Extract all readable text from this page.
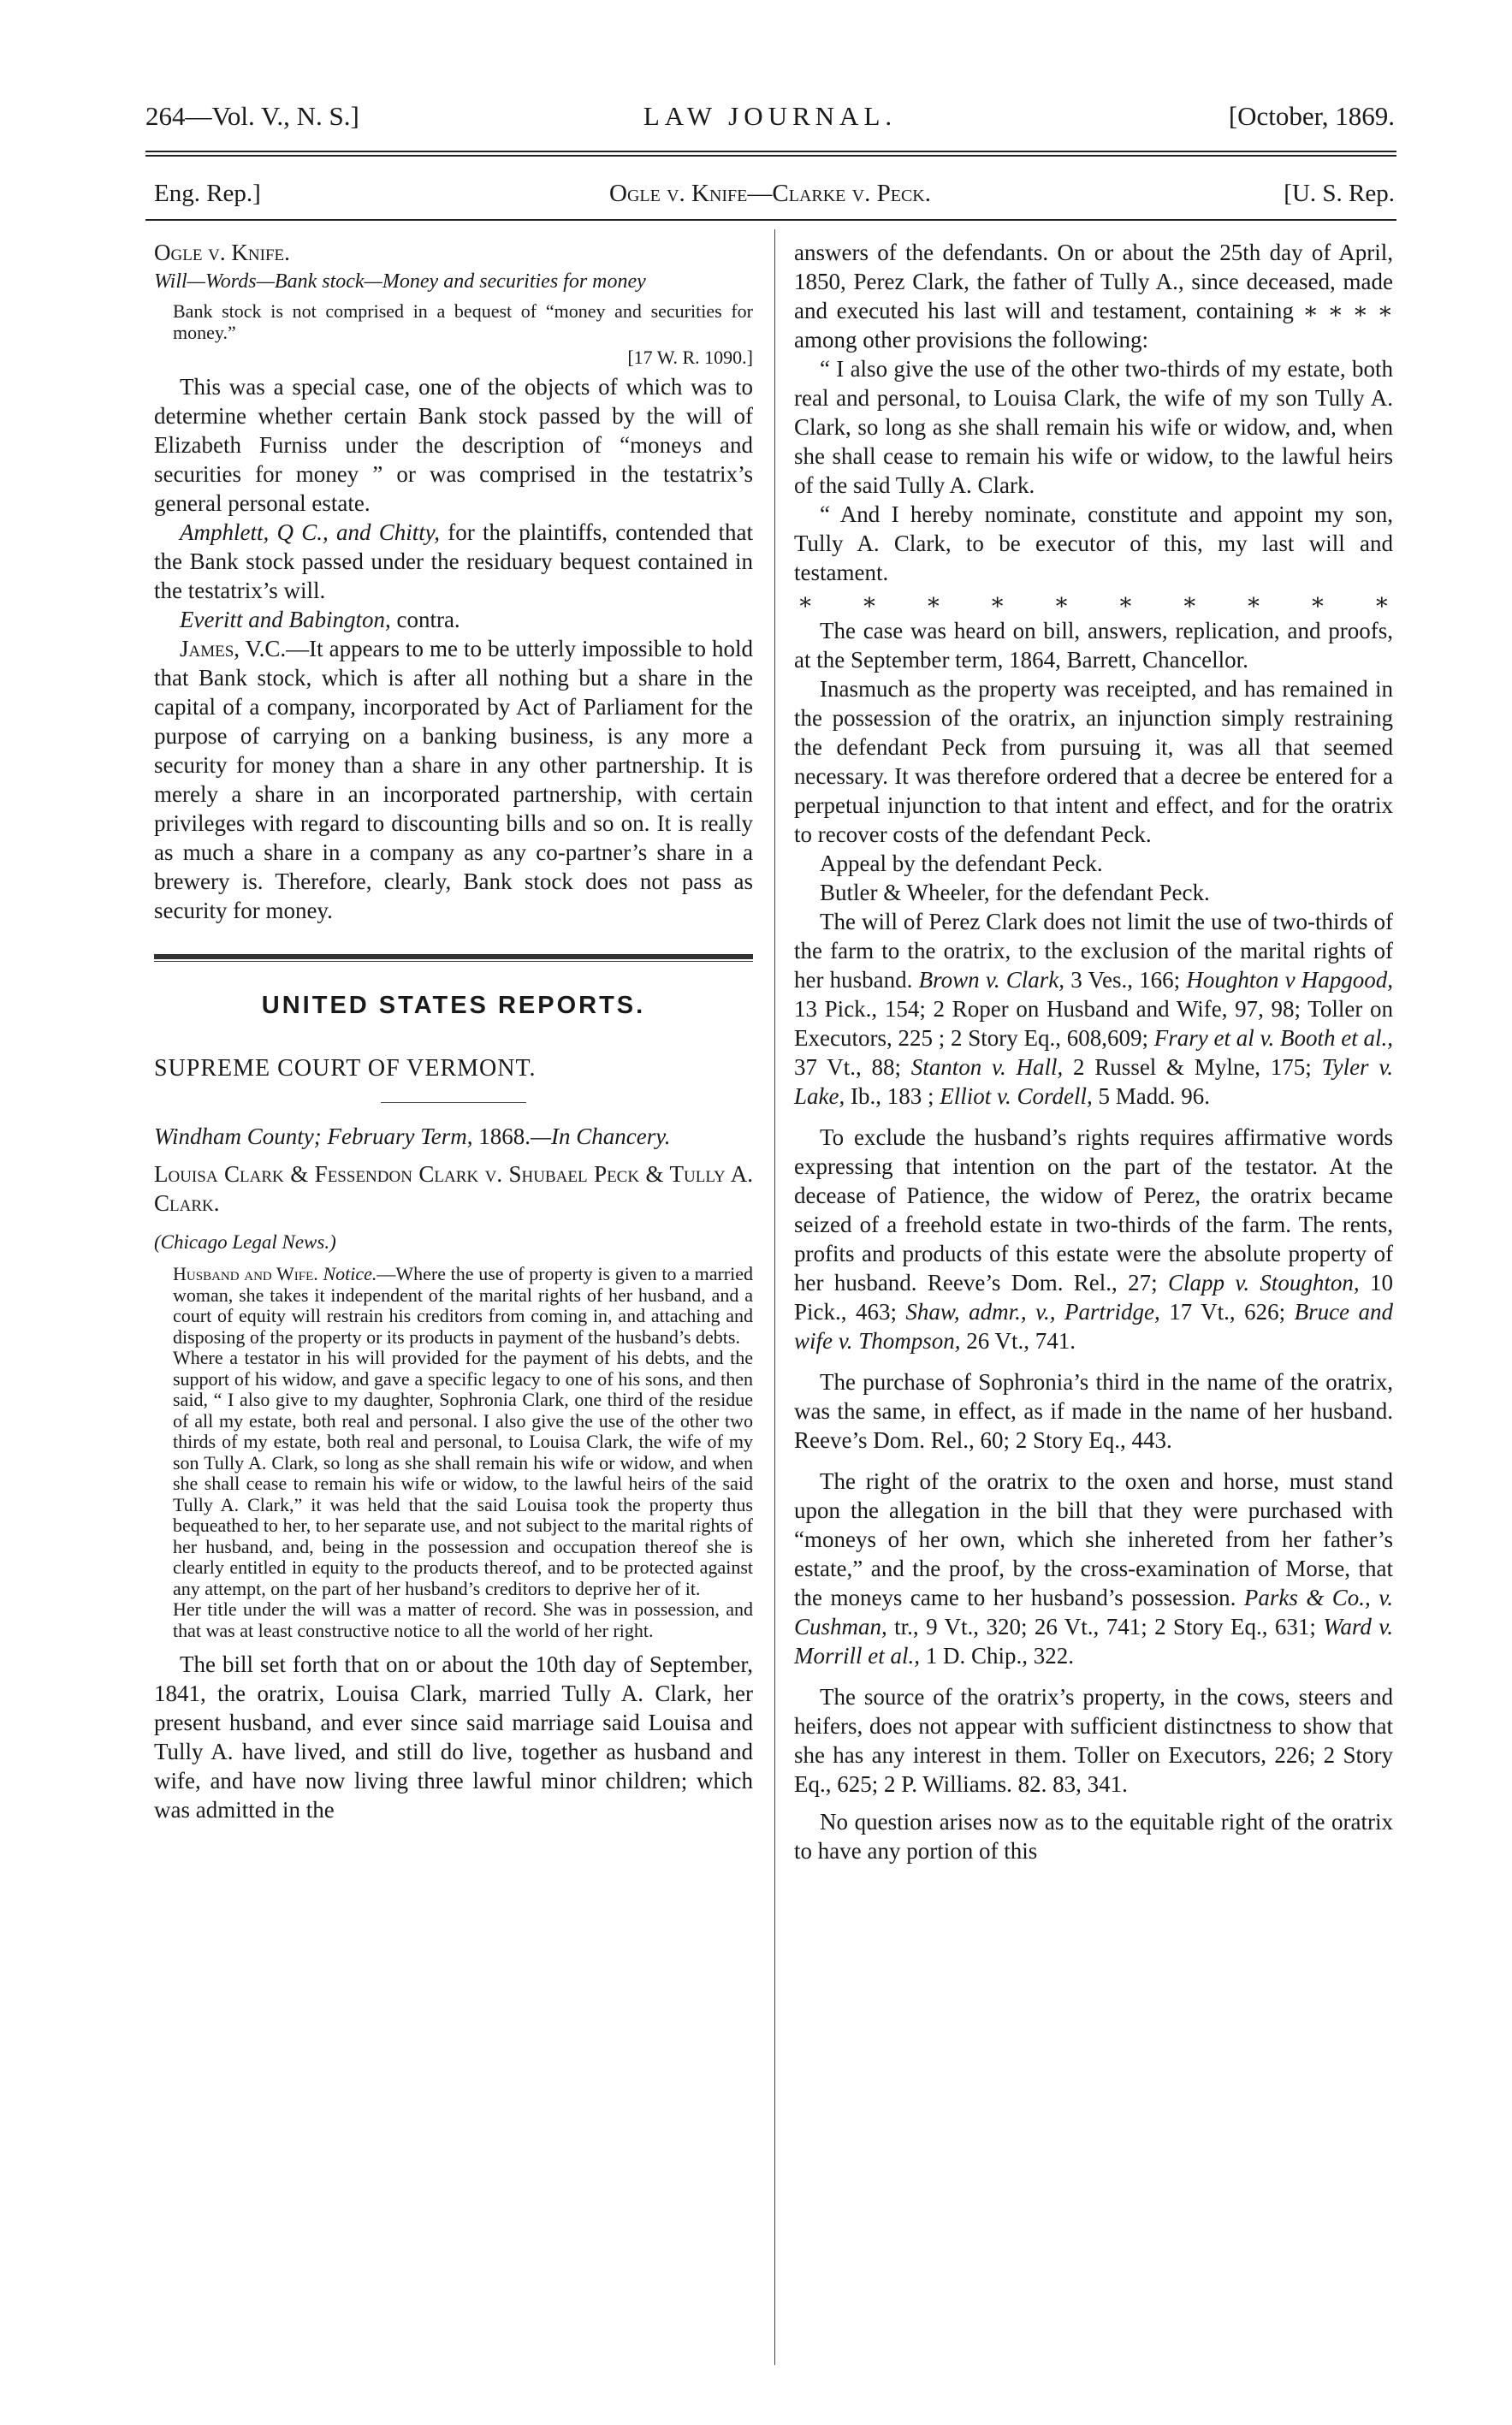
264—Vol. V., N. S.]	LAW JOURNAL.	[October, 1869.
Eng. Rep.]	Ogle v. Knife—Clarke v. Peck.	[U. S. Rep.

Ogle v. Knife.

Will—Words—Bank stock—Money and securities for money

Bank stock is not comprised in a bequest of “money and securities for money.”

[17 W. R. 1090.]

This was a special case, one of the objects of which was to determine whether certain Bank stock passed by the will of Elizabeth Furniss under the description of “moneys and securities for money ” or was comprised in the testatrix’s general personal estate.

Amphlett, Q C., and Chitty, for the plaintiffs, contended that the Bank stock passed under the residuary bequest contained in the testatrix’s will.

Everitt and Babington, contra.

James, V.C.—It appears to me to be utterly impossible to hold that Bank stock, which is after all nothing but a share in the capital of a company, incorporated by Act of Parliament for the purpose of carrying on a banking business, is any more a security for money than a share in any other partnership. It is merely a share in an incorporated partnership, with certain privileges with regard to discounting bills and so on. It is really as much a share in a company as any co-partner’s share in a brewery is. Therefore, clearly, Bank stock does not pass as security for money.

UNITED STATES REPORTS.

SUPREME COURT OF VERMONT.

Windham County; February Term, 1868.—In Chancery.

Louisa Clark & Fessendon Clark v. Shubael Peck & Tully A. Clark.

(Chicago Legal News.)

Husband and Wife. Notice.—Where the use of property is given to a married woman, she takes it independent of the marital rights of her husband, and a court of equity will restrain his creditors from coming in, and attaching and disposing of the property or its products in payment of the husband’s debts.

Where a testator in his will provided for the payment of his debts, and the support of his widow, and gave a specific legacy to one of his sons, and then said, “ I also give to my daughter, Sophronia Clark, one third of the residue of all my estate, both real and personal. I also give the use of the other two thirds of my estate, both real and personal, to Louisa Clark, the wife of my son Tully A. Clark, so long as she shall remain his wife or widow, and when she shall cease to remain his wife or widow, to the lawful heirs of the said Tully A. Clark,” it was held that the said Louisa took the property thus bequeathed to her, to her separate use, and not subject to the marital rights of her husband, and, being in the possession and occupation thereof she is clearly entitled in equity to the products thereof, and to be protected against any attempt, on the part of her husband’s creditors to deprive her of it.

Her title under the will was a matter of record. She was in possession, and that was at least constructive notice to all the world of her right.

The bill set forth that on or about the 10th day of September, 1841, the oratrix, Louisa Clark, married Tully A. Clark, her present husband, and ever since said marriage said Louisa and Tully A. have lived, and still do live, together as husband and wife, and have now living three lawful minor children; which was admitted in the

answers of the defendants. On or about the 25th day of April, 1850, Perez Clark, the father of Tully A., since deceased, made and executed his last will and testament, containing ∗ ∗ ∗ ∗ among other provisions the following:

“ I also give the use of the other two-thirds of my estate, both real and personal, to Louisa Clark, the wife of my son Tully A. Clark, so long as she shall remain his wife or widow, and, when she shall cease to remain his wife or widow, to the lawful heirs of the said Tully A. Clark.

“ And I hereby nominate, constitute and appoint my son, Tully A. Clark, to be executor of this, my last will and testament.

∗ ∗ ∗ ∗ ∗ ∗ ∗ ∗ ∗ ∗

The case was heard on bill, answers, replication, and proofs, at the September term, 1864, Barrett, Chancellor.

Inasmuch as the property was receipted, and has remained in the possession of the oratrix, an injunction simply restraining the defendant Peck from pursuing it, was all that seemed necessary. It was therefore ordered that a decree be entered for a perpetual injunction to that intent and effect, and for the oratrix to recover costs of the defendant Peck.

Appeal by the defendant Peck.

Butler & Wheeler, for the defendant Peck.

The will of Perez Clark does not limit the use of two-thirds of the farm to the oratrix, to the exclusion of the marital rights of her husband. Brown v. Clark, 3 Ves., 166; Houghton v Hapgood, 13 Pick., 154; 2 Roper on Husband and Wife, 97, 98; Toller on Executors, 225 ; 2 Story Eq., 608,609; Frary et al v. Booth et al., 37 Vt., 88; Stanton v. Hall, 2 Russel & Mylne, 175; Tyler v. Lake, Ib., 183 ; Elliot v. Cordell, 5 Madd. 96.

To exclude the husband’s rights requires affirmative words expressing that intention on the part of the testator. At the decease of Patience, the widow of Perez, the oratrix became seized of a freehold estate in two-thirds of the farm. The rents, profits and products of this estate were the absolute property of her husband. Reeve’s Dom. Rel., 27; Clapp v. Stoughton, 10 Pick., 463; Shaw, admr., v., Partridge, 17 Vt., 626; Bruce and wife v. Thompson, 26 Vt., 741.

The purchase of Sophronia’s third in the name of the oratrix, was the same, in effect, as if made in the name of her husband. Reeve’s Dom. Rel., 60; 2 Story Eq., 443.

The right of the oratrix to the oxen and horse, must stand upon the allegation in the bill that they were purchased with “moneys of her own, which she inhereted from her father’s estate,” and the proof, by the cross-examination of Morse, that the moneys came to her husband’s possession. Parks & Co., v. Cushman, tr., 9 Vt., 320; 26 Vt., 741; 2 Story Eq., 631; Ward v. Morrill et al., 1 D. Chip., 322.

The source of the oratrix’s property, in the cows, steers and heifers, does not appear with sufficient distinctness to show that she has any interest in them. Toller on Executors, 226; 2 Story Eq., 625; 2 P. Williams. 82. 83, 341.

No question arises now as to the equitable right of the oratrix to have any portion of this
